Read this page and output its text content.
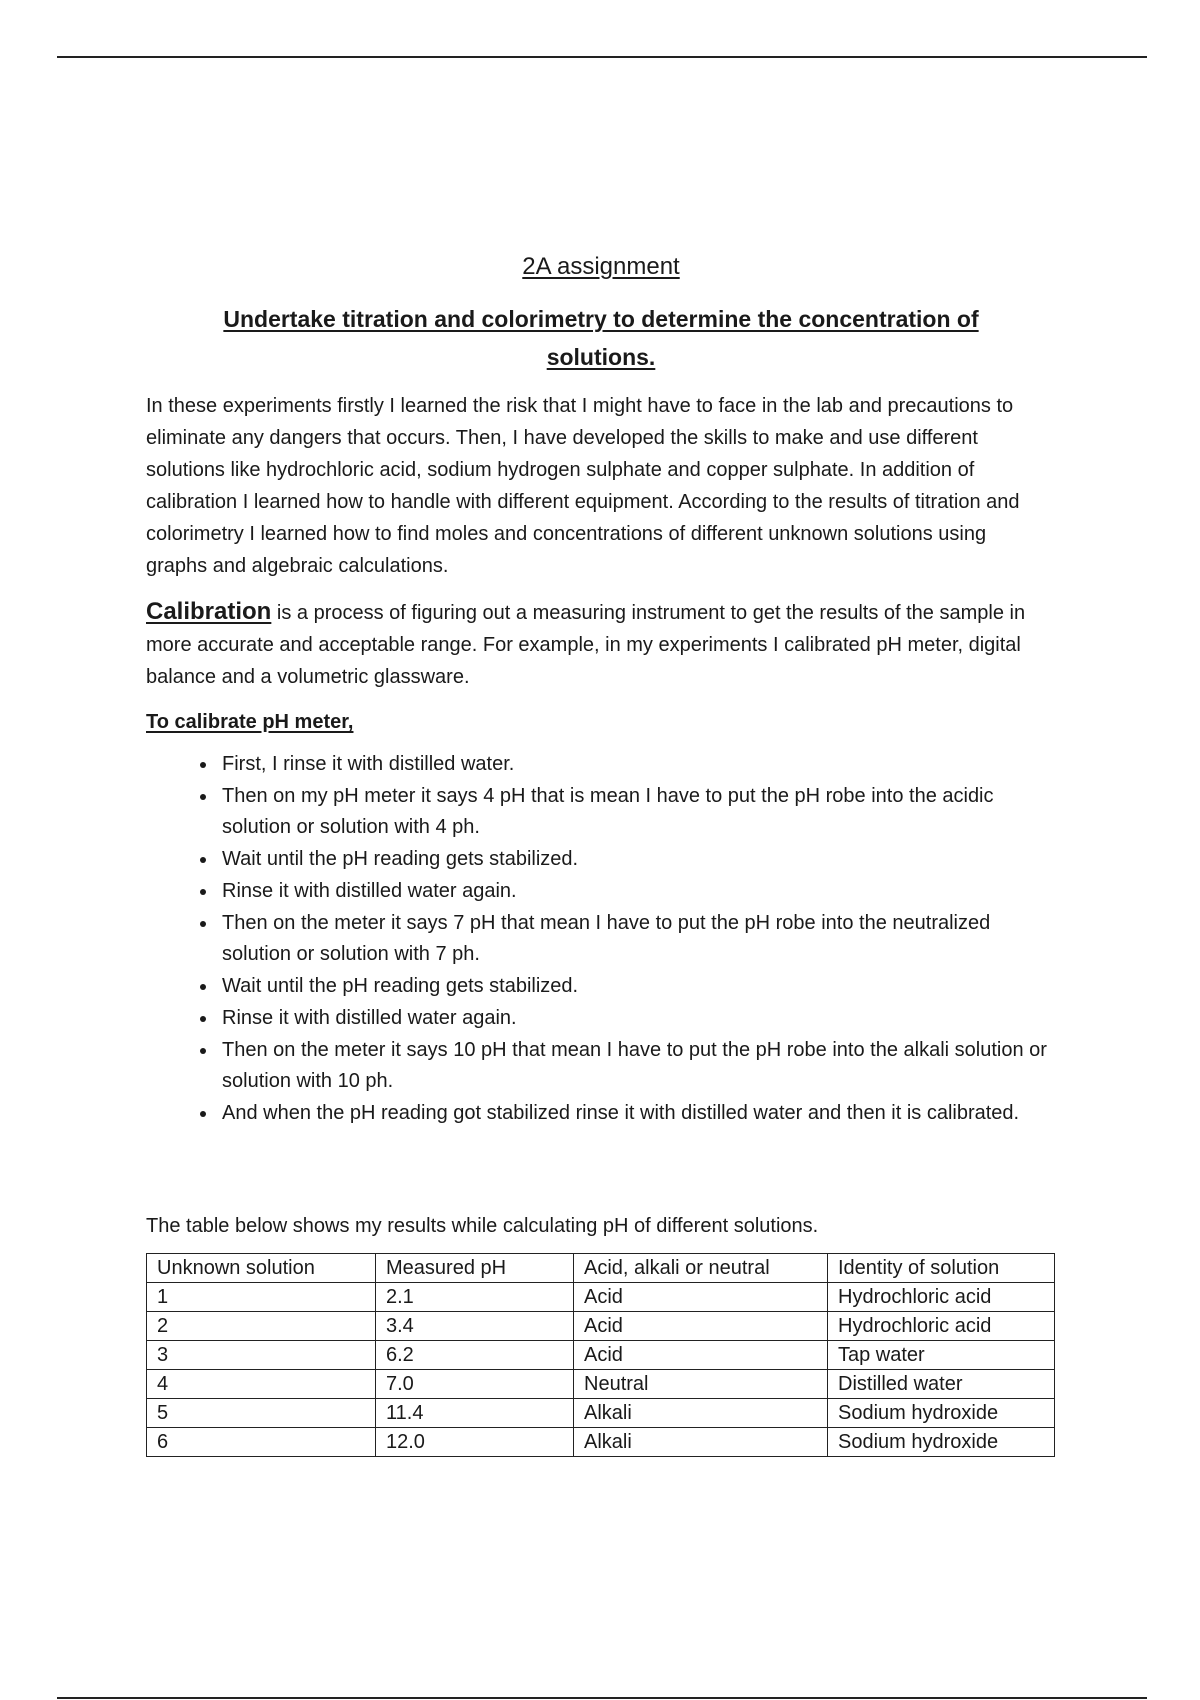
2A assignment
Undertake titration and colorimetry to determine the concentration of solutions.

In these experiments firstly I learned the risk that I might have to face in the lab and precautions to eliminate any dangers that occurs. Then, I have developed the skills to make and use different solutions like hydrochloric acid, sodium hydrogen sulphate and copper sulphate. In addition of calibration I learned how to handle with different equipment. According to the results of titration and colorimetry I learned how to find moles and concentrations of different unknown solutions using graphs and algebraic calculations.

Calibration is a process of figuring out a measuring instrument to get the results of the sample in more accurate and acceptable range. For example, in my experiments I calibrated pH meter, digital balance and a volumetric glassware.

To calibrate pH meter,
• First, I rinse it with distilled water.
• Then on my pH meter it says 4 pH that is mean I have to put the pH robe into the acidic solution or solution with 4 ph.
• Wait until the pH reading gets stabilized.
• Rinse it with distilled water again.
• Then on the meter it says 7 pH that mean I have to put the pH robe into the neutralized solution or solution with 7 ph.
• Wait until the pH reading gets stabilized.
• Rinse it with distilled water again.
• Then on the meter it says 10 pH that mean I have to put the pH robe into the alkali solution or solution with 10 ph.
• And when the pH reading got stabilized rinse it with distilled water and then it is calibrated.

The table below shows my results while calculating pH of different solutions.

Unknown solution	Measured pH	Acid, alkali or neutral	Identity of solution
1	2.1	Acid	Hydrochloric acid
2	3.4	Acid	Hydrochloric acid
3	6.2	Acid	Tap water
4	7.0	Neutral	Distilled water
5	11.4	Alkali	Sodium hydroxide
6	12.0	Alkali	Sodium hydroxide
